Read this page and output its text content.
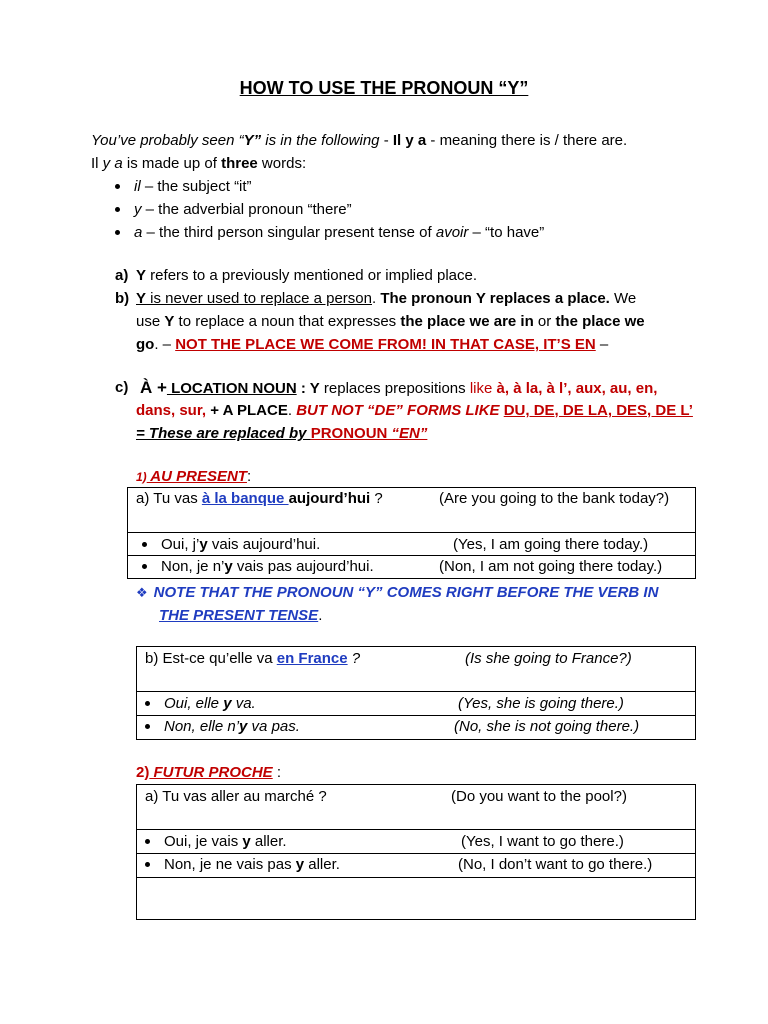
HOW TO USE THE PRONOUN “Y”
You’ve probably seen “Y” is in the following - Il y a - meaning there is / there are.
Il y a is made up of three words:
il – the subject “it”
y – the adverbial pronoun “there”
a – the third person singular present tense of avoir – “to have”
a) Y refers to a previously mentioned or implied place.
b) Y is never used to replace a person. The pronoun Y replaces a place. We
use Y to replace a noun that expresses the place we are in or the place we
go. – NOT THE PLACE WE COME FROM! IN THAT CASE, IT’S EN –
c) À + LOCATION NOUN : Y replaces prepositions like à, à la, à l’, aux, au, en,
dans, sur, + A PLACE. BUT NOT “DE” FORMS LIKE DU, DE, DE LA, DES, DE L’
= These are replaced by PRONOUN “EN”
1) AU PRESENT:
a) Tu vas à la banque aujourd’hui ?	(Are you going to the bank today?)

Oui, j’y vais aujourd’hui.	(Yes, I am going there today.)

Non, je n’y vais pas aujourd’hui.	(Non, I am not going there today.)
❖ NOTE THAT THE PRONOUN “Y” COMES RIGHT BEFORE THE VERB IN
THE PRESENT TENSE.
b) Est-ce qu’elle va en France ?	(Is she going to France?)

Oui, elle y va.	(Yes, she is going there.)

Non, elle n’y va pas.	(No, she is not going there.)
2) FUTUR PROCHE :
a) Tu vas aller au marché ?	(Do you want to the pool?)

Oui, je vais y aller.	(Yes, I want to go there.)

Non, je ne vais pas y aller.	(No, I don’t want to go there.)
